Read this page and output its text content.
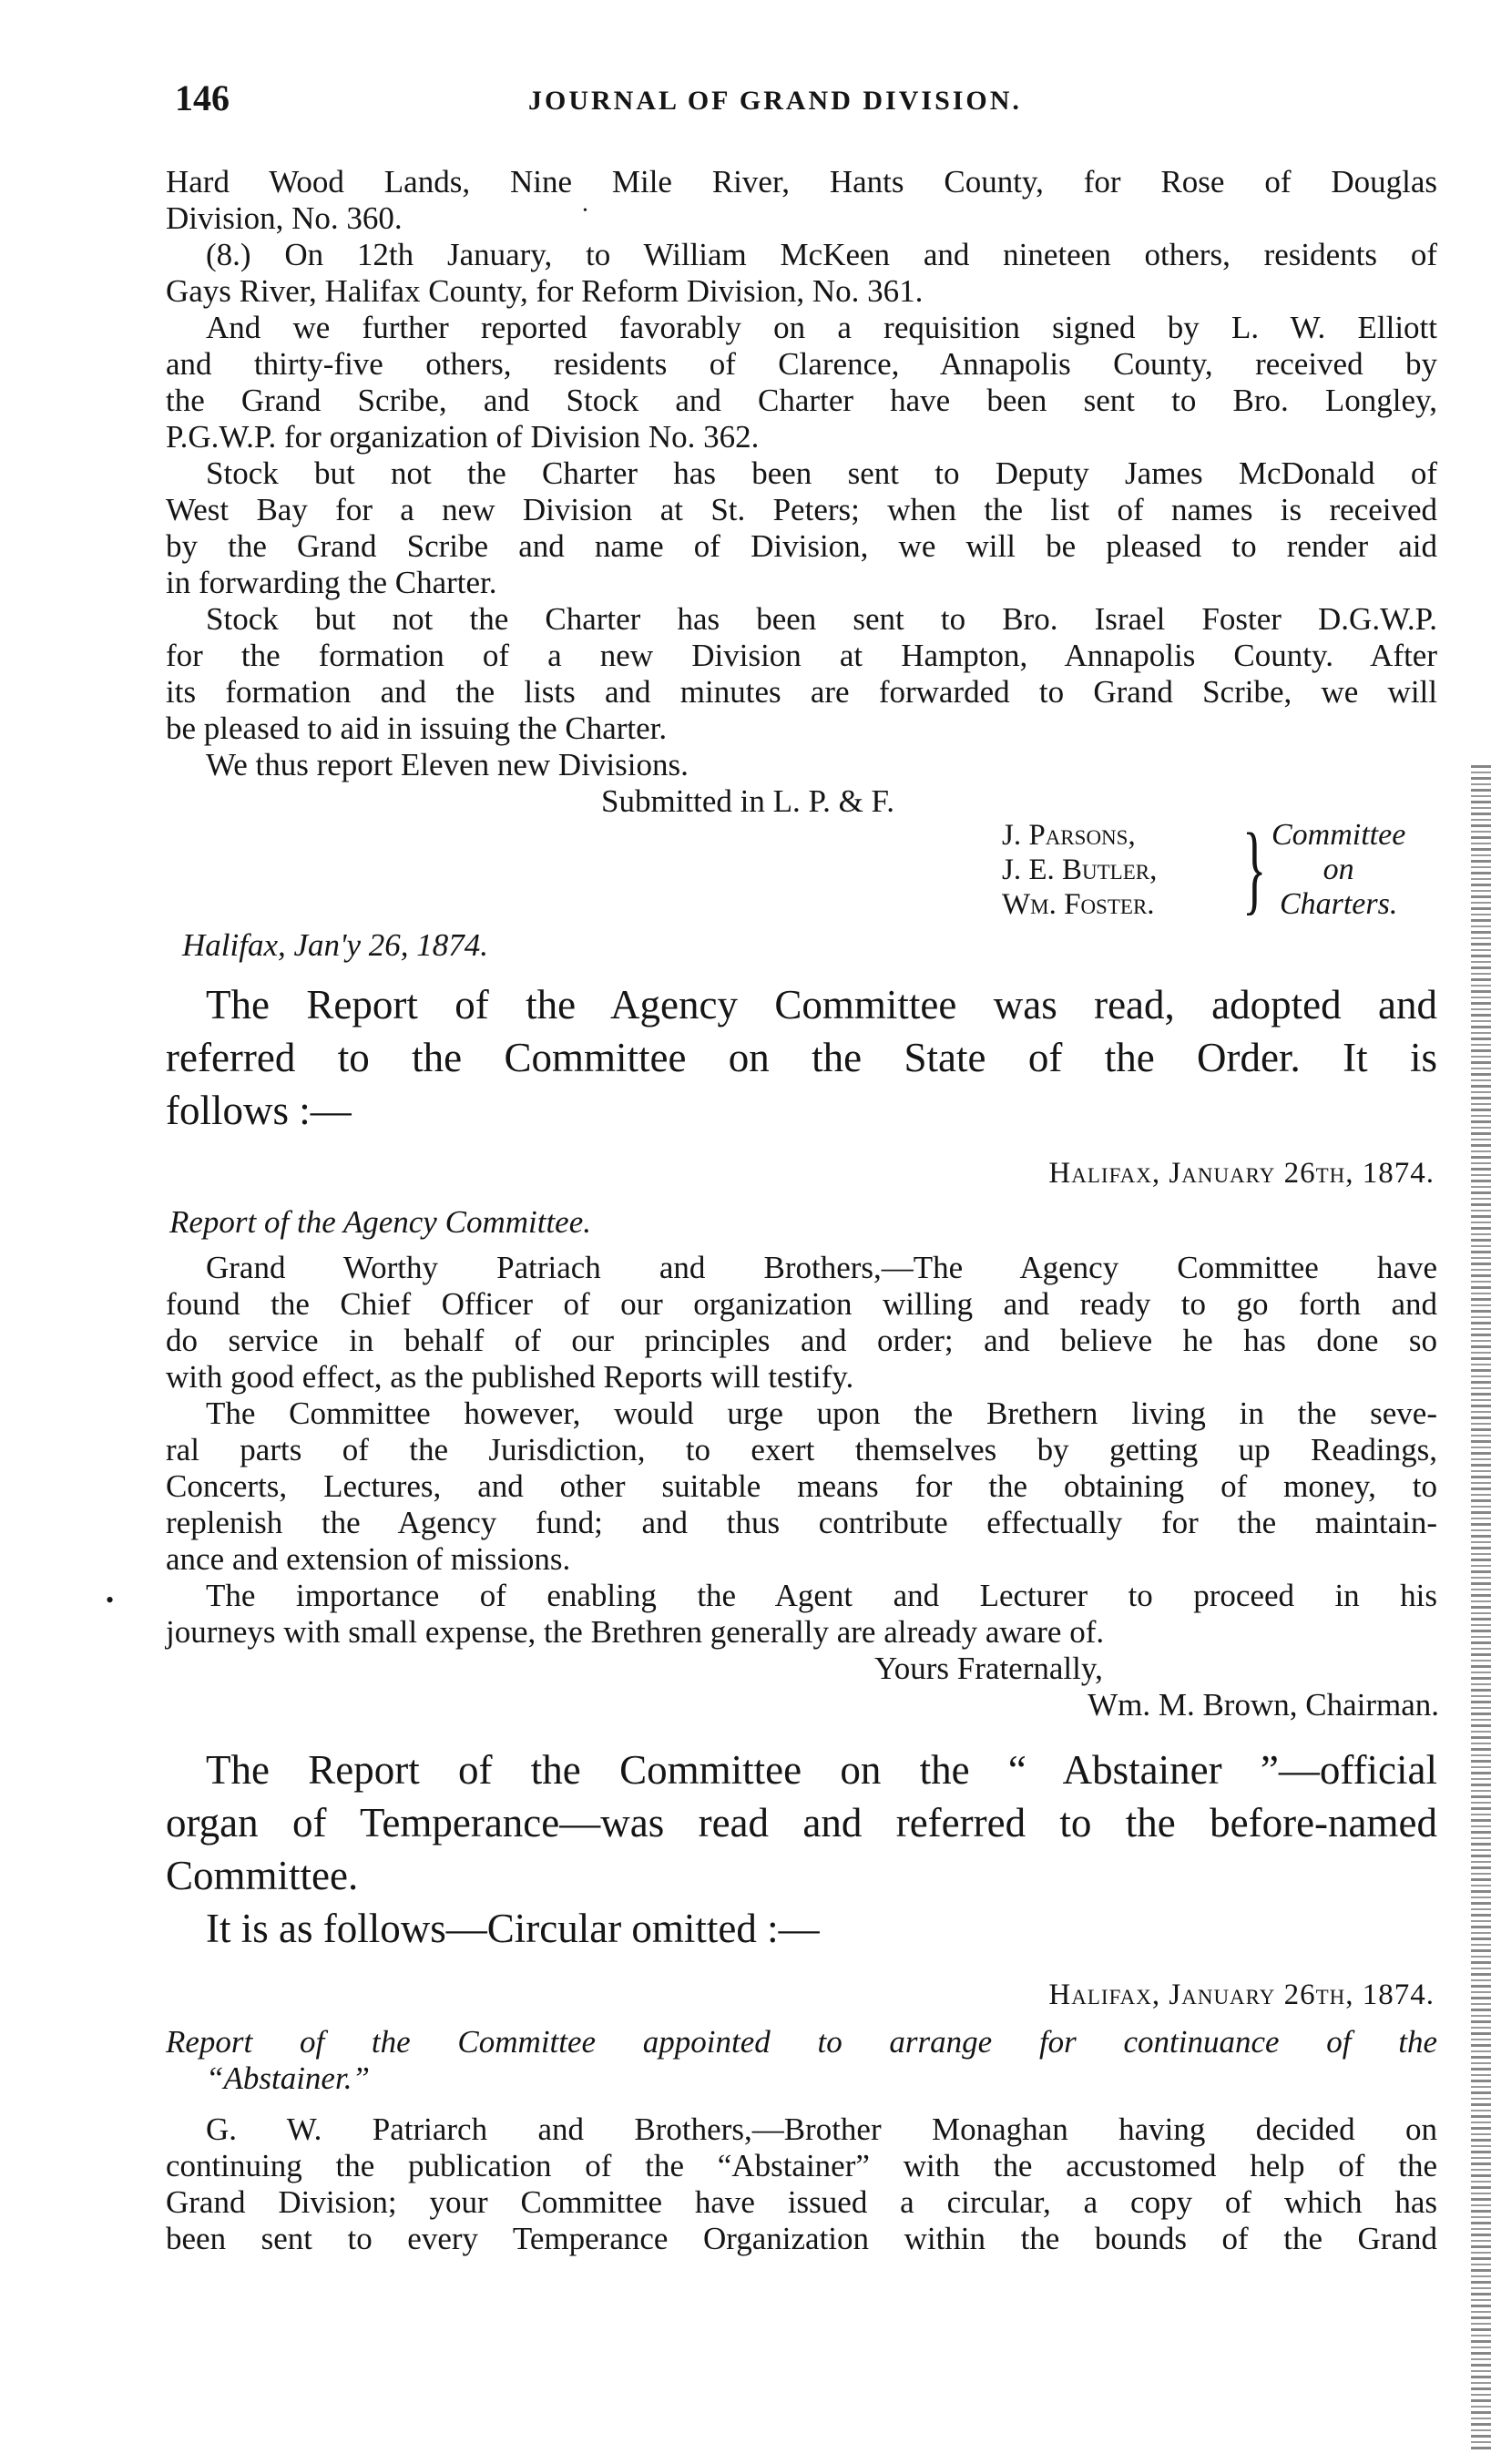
146	JOURNAL OF GRAND DIVISION.
Hard Wood Lands, Nine Mile River, Hants County, for Rose of Douglas
Division, No. 360.
(8.) On 12th January, to William McKeen and nineteen others, residents of
Gays River, Halifax County, for Reform Division, No. 361.
And we further reported favorably on a requisition signed by L. W. Elliott
and thirty-five others, residents of Clarence, Annapolis County, received by
the Grand Scribe, and Stock and Charter have been sent to Bro. Longley,
P.G.W.P. for organization of Division No. 362.
Stock but not the Charter has been sent to Deputy James McDonald of
West Bay for a new Division at St. Peters; when the list of names is received
by the Grand Scribe and name of Division, we will be pleased to render aid
in forwarding the Charter.
Stock but not the Charter has been sent to Bro. Israel Foster D.G.W.P.
for the formation of a new Division at Hampton, Annapolis County. After
its formation and the lists and minutes are forwarded to Grand Scribe, we will
be pleased to aid in issuing the Charter.
We thus report Eleven new Divisions.
Submitted in L. P. & F.
J. Parsons,
J. E. Butler,
Wm. Foster. } Committee
on
Charters.
Halifax, Jan'y 26, 1874.
The Report of the Agency Committee was read, adopted and
referred to the Committee on the State of the Order. It is
follows :—
Halifax, January 26th, 1874.
Report of the Agency Committee.
Grand Worthy Patriach and Brothers,—The Agency Committee have
found the Chief Officer of our organization willing and ready to go forth and
do service in behalf of our principles and order; and believe he has done so
with good effect, as the published Reports will testify.
The Committee however, would urge upon the Brethern living in the seve-
ral parts of the Jurisdiction, to exert themselves by getting up Readings,
Concerts, Lectures, and other suitable means for the obtaining of money, to
replenish the Agency fund; and thus contribute effectually for the maintain-
ance and extension of missions.
The importance of enabling the Agent and Lecturer to proceed in his
journeys with small expense, the Brethren generally are already aware of.
Yours Fraternally,
Wm. M. Brown, Chairman.
The Report of the Committee on the “ Abstainer ”—official
organ of Temperance—was read and referred to the before-named
Committee.
It is as follows—Circular omitted :—
Halifax, January 26th, 1874.
Report of the Committee appointed to arrange for continuance of the
“Abstainer.”
G. W. Patriarch and Brothers,—Brother Monaghan having decided on
continuing the publication of the “Abstainer” with the accustomed help of the
Grand Division; your Committee have issued a circular, a copy of which has
been sent to every Temperance Organization within the bounds of the Grand
•
•
